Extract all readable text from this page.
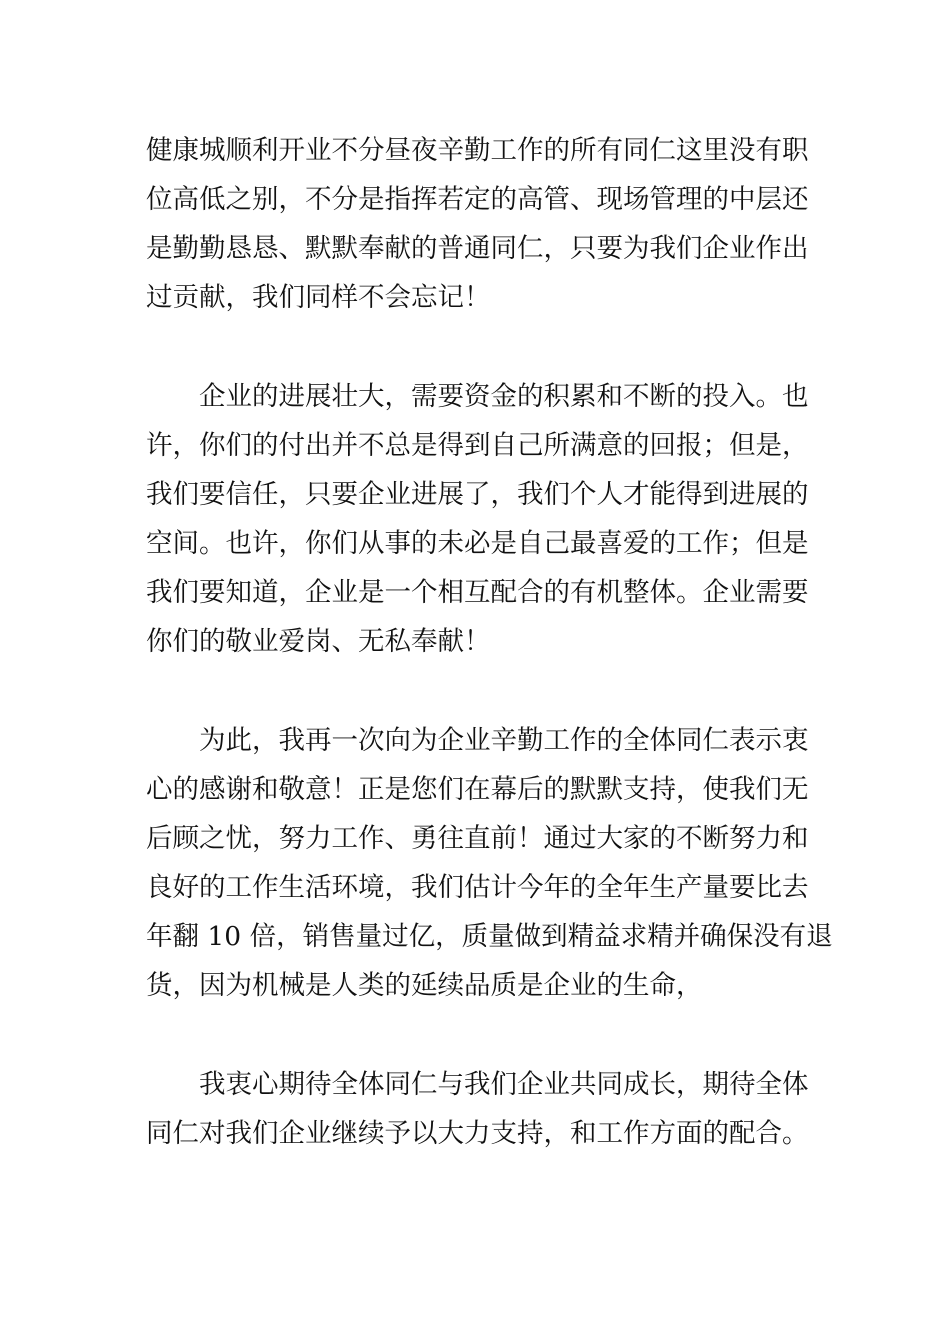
健康城顺利开业不分昼夜辛勤工作的所有同仁这里没有职

位高低之别，不分是指挥若定的高管、现场管理的中层还

是勤勤恳恳、默默奉献的普通同仁，只要为我们企业作出

过贡献，我们同样不会忘记！

　　企业的进展壮大，需要资金的积累和不断的投入。也

许，你们的付出并不总是得到自己所满意的回报；但是，

我们要信任，只要企业进展了，我们个人才能得到进展的

空间。也许，你们从事的未必是自己最喜爱的工作；但是

我们要知道，企业是一个相互配合的有机整体。企业需要

你们的敬业爱岗、无私奉献！

　　为此，我再一次向为企业辛勤工作的全体同仁表示衷

心的感谢和敬意！正是您们在幕后的默默支持，使我们无

后顾之忧，努力工作、勇往直前！通过大家的不断努力和

良好的工作生活环境，我们估计今年的全年生产量要比去

年翻 10 倍，销售量过亿，质量做到精益求精并确保没有退

货，因为机械是人类的延续品质是企业的生命，

　　我衷心期待全体同仁与我们企业共同成长，期待全体

同仁对我们企业继续予以大力支持，和工作方面的配合。
